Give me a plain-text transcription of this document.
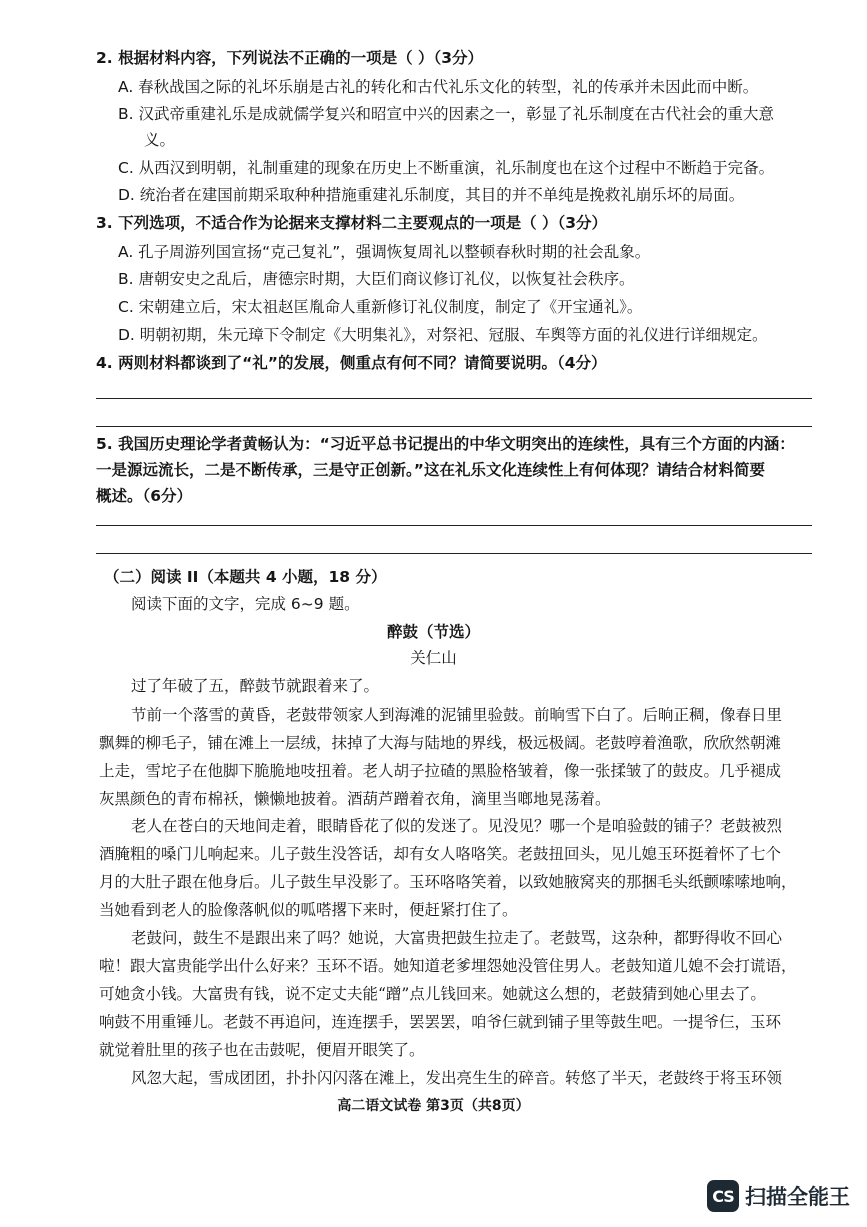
2. 根据材料内容，下列说法不正确的一项是（ ）（3分）
A. 春秋战国之际的礼坏乐崩是古礼的转化和古代礼乐文化的转型，礼的传承并未因此而中断。
B. 汉武帝重建礼乐是成就儒学复兴和昭宣中兴的因素之一，彰显了礼乐制度在古代社会的重大意
义。
C. 从西汉到明朝，礼制重建的现象在历史上不断重演，礼乐制度也在这个过程中不断趋于完备。
D. 统治者在建国前期采取种种措施重建礼乐制度，其目的并不单纯是挽救礼崩乐坏的局面。
3. 下列选项，不适合作为论据来支撑材料二主要观点的一项是（ ）（3分）
A. 孔子周游列国宣扬“克己复礼”，强调恢复周礼以整顿春秋时期的社会乱象。
B. 唐朝安史之乱后，唐德宗时期，大臣们商议修订礼仪，以恢复社会秩序。
C. 宋朝建立后，宋太祖赵匡胤命人重新修订礼仪制度，制定了《开宝通礼》。
D. 明朝初期，朱元璋下令制定《大明集礼》，对祭祀、冠服、车舆等方面的礼仪进行详细规定。
4. 两则材料都谈到了“礼”的发展，侧重点有何不同？请简要说明。（4分）
5. 我国历史理论学者黄畅认为：“习近平总书记提出的中华文明突出的连续性，具有三个方面的内涵：
一是源远流长，二是不断传承，三是守正创新。”这在礼乐文化连续性上有何体现？请结合材料简要
概述。（6分）
（二）阅读 II（本题共 4 小题，18 分）
阅读下面的文字，完成 6~9 题。
醉鼓（节选）
关仁山
过了年破了五，醉鼓节就跟着来了。
节前一个落雪的黄昏，老鼓带领家人到海滩的泥铺里验鼓。前晌雪下白了。后晌正稠，像春日里
飘舞的柳毛子，铺在滩上一层绒，抹掉了大海与陆地的界线，极远极阔。老鼓哼着渔歌，欣欣然朝滩
上走，雪坨子在他脚下脆脆地吱扭着。老人胡子拉碴的黑脸格皱着，像一张揉皱了的鼓皮。几乎褪成
灰黑颜色的青布棉袄，懒懒地披着。酒葫芦蹭着衣角，滴里当啷地晃荡着。
老人在苍白的天地间走着，眼睛昏花了似的发迷了。见没见？哪一个是咱验鼓的铺子？老鼓被烈
酒腌粗的嗓门儿响起来。儿子鼓生没答话，却有女人咯咯笑。老鼓扭回头，见儿媳玉环挺着怀了七个
月的大肚子跟在他身后。儿子鼓生早没影了。玉环咯咯笑着，以致她腋窝夹的那捆毛头纸颤嗦嗦地响，
当她看到老人的脸像落帆似的呱嗒撂下来时，便赶紧打住了。
老鼓问，鼓生不是跟出来了吗？她说，大富贵把鼓生拉走了。老鼓骂，这杂种，都野得收不回心
啦！跟大富贵能学出什么好来？玉环不语。她知道老爹埋怨她没管住男人。老鼓知道儿媳不会打谎语，
可她贪小钱。大富贵有钱，说不定丈夫能“蹭”点儿钱回来。她就这么想的，老鼓猜到她心里去了。
响鼓不用重锤儿。老鼓不再追问，连连摆手，罢罢罢，咱爷仨就到铺子里等鼓生吧。一提爷仨，玉环
就觉着肚里的孩子也在击鼓呢，便眉开眼笑了。
风忽大起，雪成团团，扑扑闪闪落在滩上，发出亮生生的碎音。转悠了半天，老鼓终于将玉环领
高二语文试卷 第3页（共8页）
CS 扫描全能王
